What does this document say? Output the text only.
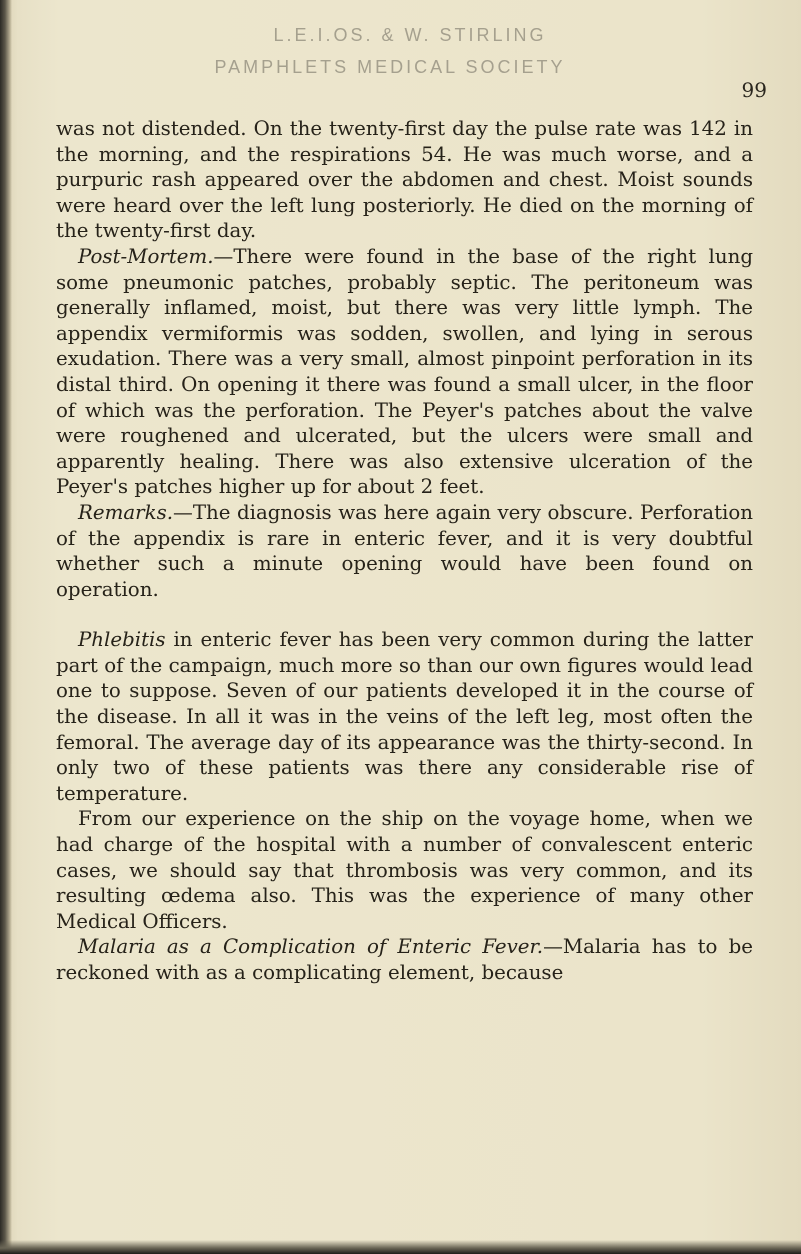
L.E.I.OS. & W. STIRLING
PAMPHLETS MEDICAL SOCIETY
99

was not distended. On the twenty-first day the pulse rate was 142 in the morning, and the respirations 54. He was much worse, and a purpuric rash appeared over the abdomen and chest. Moist sounds were heard over the left lung posteriorly. He died on the morning of the twenty-first day.

Post-Mortem.—There were found in the base of the right lung some pneumonic patches, probably septic. The peritoneum was generally inflamed, moist, but there was very little lymph. The appendix vermiformis was sodden, swollen, and lying in serous exudation. There was a very small, almost pinpoint perforation in its distal third. On opening it there was found a small ulcer, in the floor of which was the perforation. The Peyer's patches about the valve were roughened and ulcerated, but the ulcers were small and apparently healing. There was also extensive ulceration of the Peyer's patches higher up for about 2 feet.

Remarks.—The diagnosis was here again very obscure. Perforation of the appendix is rare in enteric fever, and it is very doubtful whether such a minute opening would have been found on operation.

Phlebitis in enteric fever has been very common during the latter part of the campaign, much more so than our own figures would lead one to suppose. Seven of our patients developed it in the course of the disease. In all it was in the veins of the left leg, most often the femoral. The average day of its appearance was the thirty-second. In only two of these patients was there any considerable rise of temperature.

From our experience on the ship on the voyage home, when we had charge of the hospital with a number of convalescent enteric cases, we should say that thrombosis was very common, and its resulting œdema also. This was the experience of many other Medical Officers.

Malaria as a Complication of Enteric Fever.—Malaria has to be reckoned with as a complicating element, because
